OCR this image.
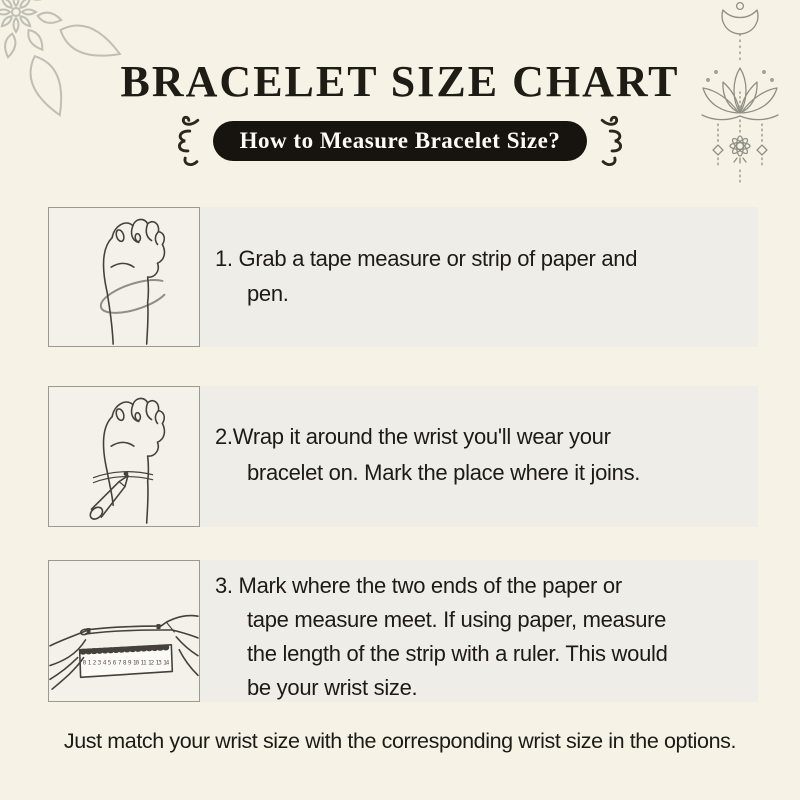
BRACELET SIZE CHART
How to Measure Bracelet Size?
1. Grab a tape measure or strip of paper and
pen.
2.Wrap it around the wrist you'll wear your
bracelet on. Mark the place where it joins.
0 1 2 3 4 5 6 7 8 9 10 11 12 13 14
3. Mark where the two ends of the paper or
tape measure meet. If using paper, measure
the length of the strip with a ruler. This would
be your wrist size.
Just match your wrist size with the corresponding wrist size in the options.
